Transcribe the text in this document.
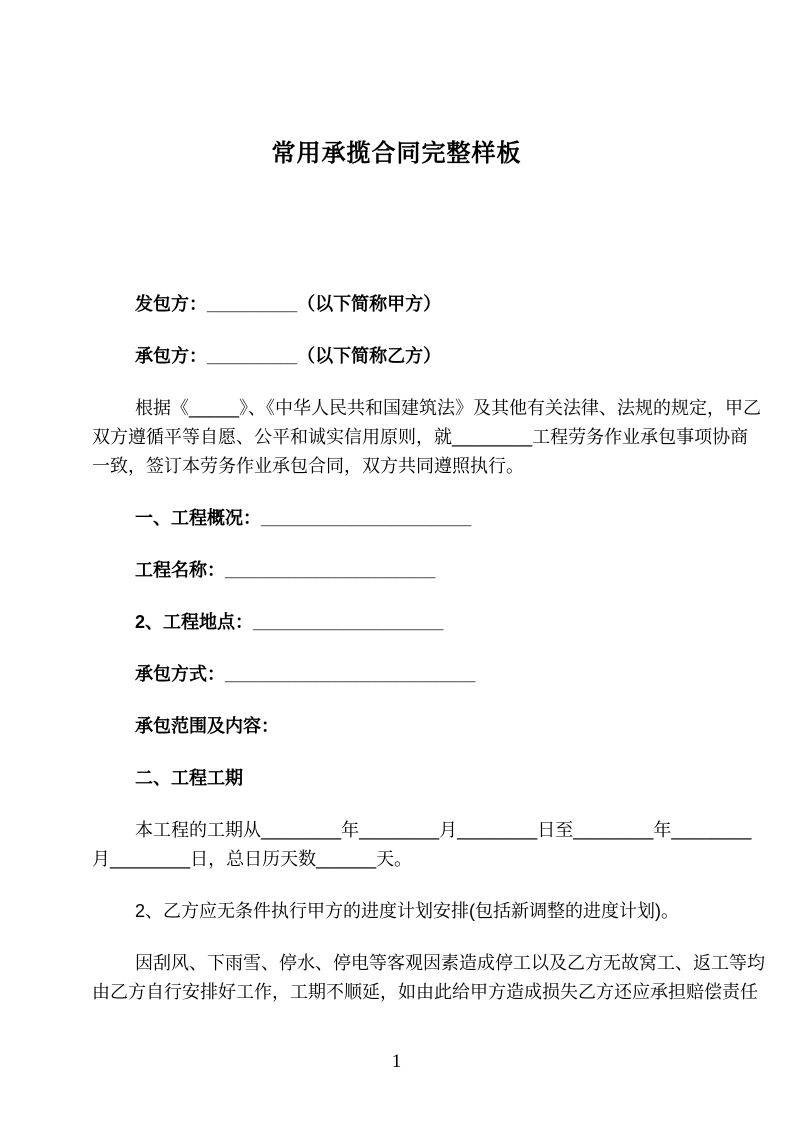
常用承揽合同完整样板

发包方：_________（以下简称甲方）

承包方：_________（以下简称乙方）

根据《_____》、《中华人民共和国建筑法》及其他有关法律、法规的规定，甲乙
双方遵循平等自愿、公平和诚实信用原则，就________工程劳务作业承包事项协商
一致，签订本劳务作业承包合同，双方共同遵照执行。

一、工程概况：_____________________

工程名称：_____________________

2、工程地点：___________________

承包方式：_________________________

承包范围及内容：

二、工程工期

本工程的工期从________年________月________日至________年________
月________日，总日历天数______天。

2、乙方应无条件执行甲方的进度计划安排(包括新调整的进度计划)。

因刮风、下雨雪、停水、停电等客观因素造成停工以及乙方无故窝工、返工等均
由乙方自行安排好工作，工期不顺延，如由此给甲方造成损失乙方还应承担赔偿责任

1
